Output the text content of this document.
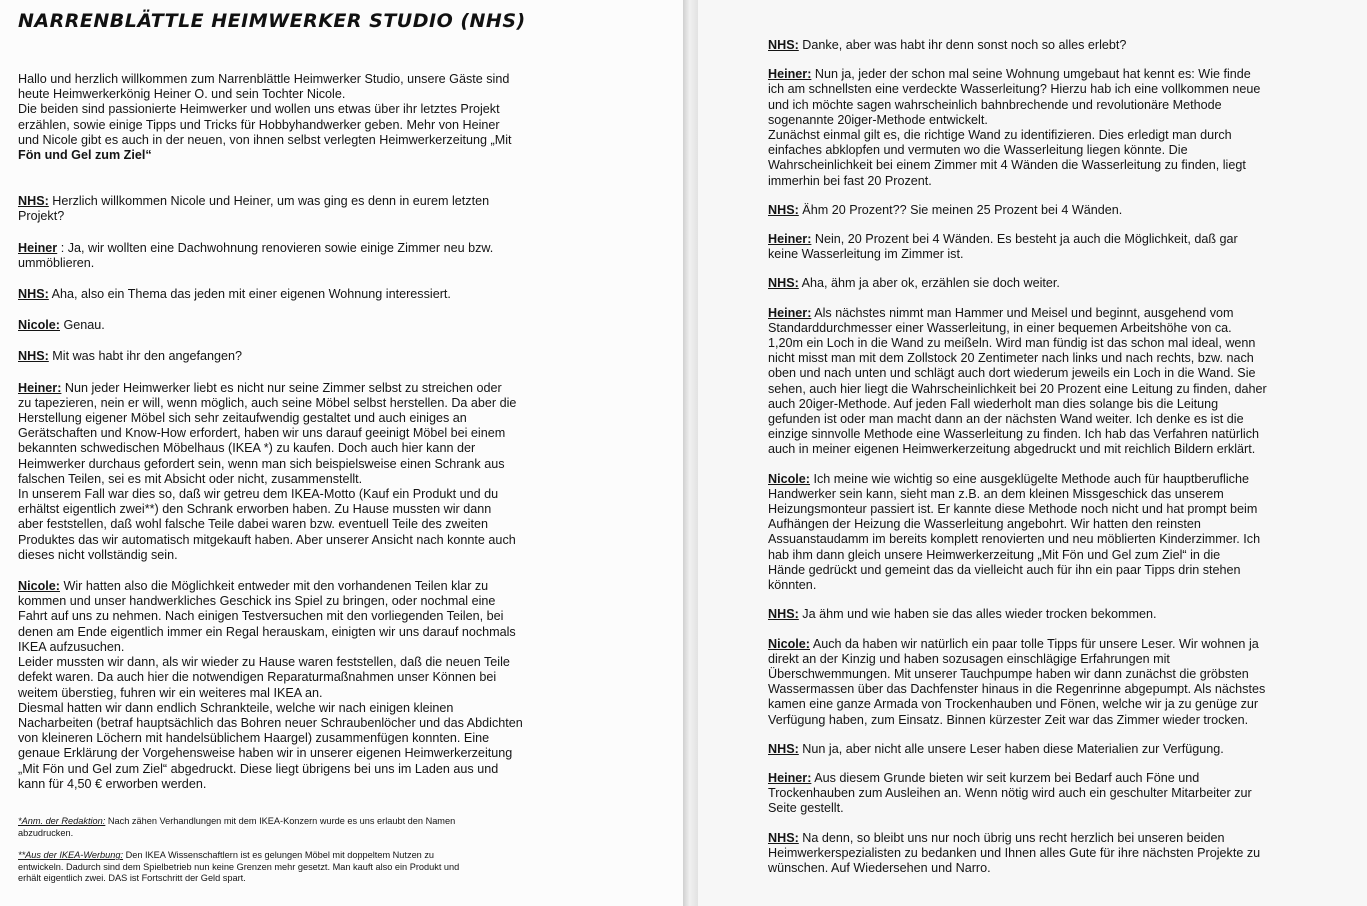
NARRENBLÄTTLE HEIMWERKER STUDIO (NHS)
Hallo und herzlich willkommen zum Narrenblättle Heimwerker Studio, unsere Gäste sind
heute Heimwerkerkönig Heiner O. und sein Tochter Nicole.
Die beiden sind passionierte Heimwerker und wollen uns etwas über ihr letztes Projekt
erzählen, sowie einige Tipps und Tricks für Hobbyhandwerker geben. Mehr von Heiner
und Nicole gibt es auch in der neuen, von ihnen selbst verlegten Heimwerkerzeitung „Mit
Fön und Gel zum Ziel“

NHS: Herzlich willkommen Nicole und Heiner, um was ging es denn in eurem letzten
Projekt?

Heiner : Ja, wir wollten eine Dachwohnung renovieren sowie einige Zimmer neu bzw.
ummöblieren.

NHS: Aha, also ein Thema das jeden mit einer eigenen Wohnung interessiert.

Nicole: Genau.

NHS: Mit was habt ihr den angefangen?

Heiner: Nun jeder Heimwerker liebt es nicht nur seine Zimmer selbst zu streichen oder
zu tapezieren, nein er will, wenn möglich, auch seine Möbel selbst herstellen. Da aber die
Herstellung eigener Möbel sich sehr zeitaufwendig gestaltet und auch einiges an
Gerätschaften und Know-How erfordert, haben wir uns darauf geeinigt Möbel bei einem
bekannten schwedischen Möbelhaus (IKEA *) zu kaufen. Doch auch hier kann der
Heimwerker durchaus gefordert sein, wenn man sich beispielsweise einen Schrank aus
falschen Teilen, sei es mit Absicht oder nicht, zusammenstellt.
In unserem Fall war dies so, daß wir getreu dem IKEA-Motto (Kauf ein Produkt und du
erhältst eigentlich zwei**) den Schrank erworben haben. Zu Hause mussten wir dann
aber feststellen, daß wohl falsche Teile dabei waren bzw. eventuell Teile des zweiten
Produktes das wir automatisch mitgekauft haben. Aber unserer Ansicht nach konnte auch
dieses nicht vollständig sein.

Nicole: Wir hatten also die Möglichkeit entweder mit den vorhandenen Teilen klar zu
kommen und unser handwerkliches Geschick ins Spiel zu bringen, oder nochmal eine
Fahrt auf uns zu nehmen. Nach einigen Testversuchen mit den vorliegenden Teilen, bei
denen am Ende eigentlich immer ein Regal herauskam, einigten wir uns darauf nochmals
IKEA aufzusuchen.
Leider mussten wir dann, als wir wieder zu Hause waren feststellen, daß die neuen Teile
defekt waren. Da auch hier die notwendigen Reparaturmaßnahmen unser Können bei
weitem überstieg, fuhren wir ein weiteres mal IKEA an.
Diesmal hatten wir dann endlich Schrankteile, welche wir nach einigen kleinen
Nacharbeiten (betraf hauptsächlich das Bohren neuer Schraubenlöcher und das Abdichten
von kleineren Löchern mit handelsüblichem Haargel) zusammenfügen konnten. Eine
genaue Erklärung der Vorgehensweise haben wir in unserer eigenen Heimwerkerzeitung
„Mit Fön und Gel zum Ziel“ abgedruckt. Diese liegt übrigens bei uns im Laden aus und
kann für 4,50 € erworben werden.

*Anm. der Redaktion: Nach zähen Verhandlungen mit dem IKEA-Konzern wurde es uns erlaubt den Namen
abzudrucken.
**Aus der IKEA-Werbung: Den IKEA Wissenschaftlern ist es gelungen Möbel mit doppeltem Nutzen zu
entwickeln. Dadurch sind dem Spielbetrieb nun keine Grenzen mehr gesetzt. Man kauft also ein Produkt und
erhält eigentlich zwei. DAS ist Fortschritt der Geld spart.

NHS: Danke, aber was habt ihr denn sonst noch so alles erlebt?

Heiner: Nun ja, jeder der schon mal seine Wohnung umgebaut hat kennt es: Wie finde
ich am schnellsten eine verdeckte Wasserleitung? Hierzu hab ich eine vollkommen neue
und ich möchte sagen wahrscheinlich bahnbrechende und revolutionäre Methode
sogenannte 20iger-Methode entwickelt.
Zunächst einmal gilt es, die richtige Wand zu identifizieren. Dies erledigt man durch
einfaches abklopfen und vermuten wo die Wasserleitung liegen könnte. Die
Wahrscheinlichkeit bei einem Zimmer mit 4 Wänden die Wasserleitung zu finden, liegt
immerhin bei fast 20 Prozent.

NHS: Ähm 20 Prozent?? Sie meinen 25 Prozent bei 4 Wänden.

Heiner: Nein, 20 Prozent bei 4 Wänden. Es besteht ja auch die Möglichkeit, daß gar
keine Wasserleitung im Zimmer ist.

NHS: Aha, ähm ja aber ok, erzählen sie doch weiter.

Heiner: Als nächstes nimmt man Hammer und Meisel und beginnt, ausgehend vom
Standarddurchmesser einer Wasserleitung, in einer bequemen Arbeitshöhe von ca.
1,20m ein Loch in die Wand zu meißeln. Wird man fündig ist das schon mal ideal, wenn
nicht misst man mit dem Zollstock 20 Zentimeter nach links und nach rechts, bzw. nach
oben und nach unten und schlägt auch dort wiederum jeweils ein Loch in die Wand. Sie
sehen, auch hier liegt die Wahrscheinlichkeit bei 20 Prozent eine Leitung zu finden, daher
auch 20iger-Methode. Auf jeden Fall wiederholt man dies solange bis die Leitung
gefunden ist oder man macht dann an der nächsten Wand weiter. Ich denke es ist die
einzige sinnvolle Methode eine Wasserleitung zu finden. Ich hab das Verfahren natürlich
auch in meiner eigenen Heimwerkerzeitung abgedruckt und mit reichlich Bildern erklärt.

Nicole: Ich meine wie wichtig so eine ausgeklügelte Methode auch für hauptberufliche
Handwerker sein kann, sieht man z.B. an dem kleinen Missgeschick das unserem
Heizungsmonteur passiert ist. Er kannte diese Methode noch nicht und hat prompt beim
Aufhängen der Heizung die Wasserleitung angebohrt. Wir hatten den reinsten
Assuanstaudamm im bereits komplett renovierten und neu möblierten Kinderzimmer. Ich
hab ihm dann gleich unsere Heimwerkerzeitung „Mit Fön und Gel zum Ziel“ in die
Hände gedrückt und gemeint das da vielleicht auch für ihn ein paar Tipps drin stehen
könnten.

NHS: Ja ähm und wie haben sie das alles wieder trocken bekommen.

Nicole: Auch da haben wir natürlich ein paar tolle Tipps für unsere Leser. Wir wohnen ja
direkt an der Kinzig und haben sozusagen einschlägige Erfahrungen mit
Überschwemmungen. Mit unserer Tauchpumpe haben wir dann zunächst die gröbsten
Wassermassen über das Dachfenster hinaus in die Regenrinne abgepumpt. Als nächstes
kamen eine ganze Armada von Trockenhauben und Fönen, welche wir ja zu genüge zur
Verfügung haben, zum Einsatz. Binnen kürzester Zeit war das Zimmer wieder trocken.

NHS: Nun ja, aber nicht alle unsere Leser haben diese Materialien zur Verfügung.

Heiner: Aus diesem Grunde bieten wir seit kurzem bei Bedarf auch Föne und
Trockenhauben zum Ausleihen an. Wenn nötig wird auch ein geschulter Mitarbeiter zur
Seite gestellt.

NHS: Na denn, so bleibt uns nur noch übrig uns recht herzlich bei unseren beiden
Heimwerkerspezialisten zu bedanken und Ihnen alles Gute für ihre nächsten Projekte zu
wünschen. Auf Wiedersehen und Narro.
